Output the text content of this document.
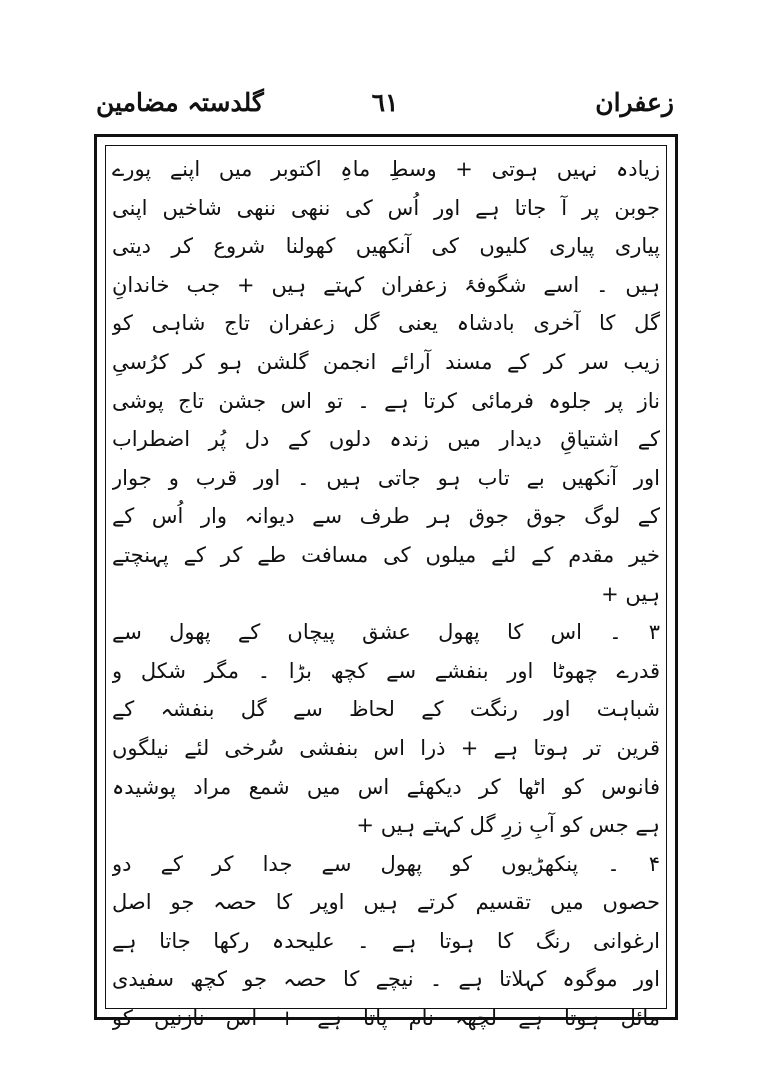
زعفران
٦١
گلدستہ مضامین
زیادہ نہیں ہوتی + وسطِ ماہِ اکتوبر میں اپنے پورے
جوبن پر آ جاتا ہے اور اُس کی ننھی ننھی شاخیں اپنی
پیاری پیاری کلیوں کی آنکھیں کھولنا شروع کر دیتی
ہیں ۔ اسے شگوفۂ زعفران کہتے ہیں + جب خاندانِ
گل کا آخری بادشاہ یعنی گل زعفران تاج شاہی کو
زیب سر کر کے مسند آرائے انجمن گلشن ہو کر کرُسیِ
ناز پر جلوہ فرمائی کرتا ہے ۔ تو اس جشن تاج پوشی
کے اشتیاقِ دیدار میں زندہ دلوں کے دل پُر اضطراب
اور آنکھیں بے تاب ہو جاتی ہیں ۔ اور قرب و جوار
کے لوگ جوق جوق ہر طرف سے دیوانہ وار اُس کے
خیر مقدم کے لئے میلوں کی مسافت طے کر کے پہنچتے
ہیں +
۳ ۔ اس کا پھول عشق پیچاں کے پھول سے
قدرے چھوٹا اور بنفشے سے کچھ بڑا ۔ مگر شکل و
شباہت اور رنگت کے لحاظ سے گل بنفشہ کے
قرین تر ہوتا ہے + ذرا اس بنفشی سُرخی لئے نیلگوں
فانوس کو اٹھا کر دیکھئے اس میں شمع مراد پوشیدہ
ہے جس کو آبِ زرِ گل کہتے ہیں +
۴ ۔ پنکھڑیوں کو پھول سے جدا کر کے دو
حصوں میں تقسیم کرتے ہیں اوپر کا حصہ جو اصل
ارغوانی رنگ کا ہوتا ہے ۔ علیحدہ رکھا جاتا ہے
اور موگوہ کہلاتا ہے ۔ نیچے کا حصہ جو کچھ سفیدی
مائل ہوتا ہے لچھہ نام پاتا ہے + اس نازنین کو
